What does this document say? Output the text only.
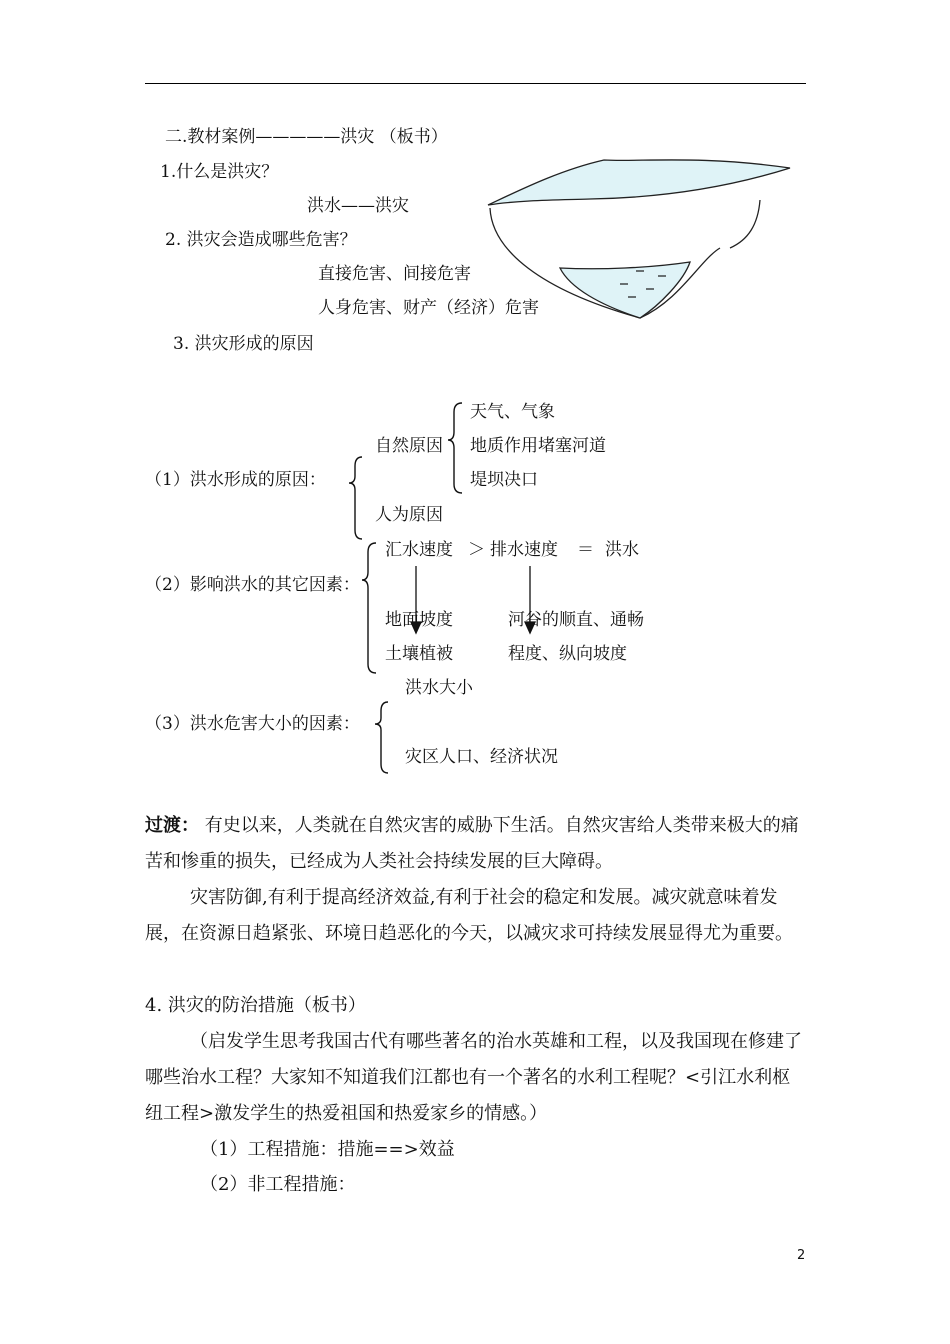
二.教材案例—————洪灾 （板书）
1.什么是洪灾？
洪水——洪灾
2. 洪灾会造成哪些危害？
直接危害、间接危害
人身危害、财产（经济）危害
3. 洪灾形成的原因
天气、气象
自然原因 地质作用堵塞河道
（1）洪水形成的原因：	堤坝决口
人为原因
汇水速度 ＞ 排水速度 ＝ 洪水
（2）影响洪水的其它因素：
地面坡度	河谷的顺直、通畅
土壤植被	程度、纵向坡度
洪水大小
（3）洪水危害大小的因素：
灾区人口、经济状况
过渡： 有史以来，人类就在自然灾害的威胁下生活。自然灾害给人类带来极大的痛苦和惨重的损失，已经成为人类社会持续发展的巨大障碍。
灾害防御,有利于提高经济效益,有利于社会的稳定和发展。减灾就意味着发展，在资源日趋紧张、环境日趋恶化的今天，以减灾求可持续发展显得尤为重要。
4. 洪灾的防治措施（板书）
（启发学生思考我国古代有哪些著名的治水英雄和工程，以及我国现在修建了哪些治水工程？大家知不知道我们江都也有一个著名的水利工程呢？<引江水利枢纽工程>激发学生的热爱祖国和热爱家乡的情感。）
（1）工程措施：措施==>效益
（2）非工程措施：
2
